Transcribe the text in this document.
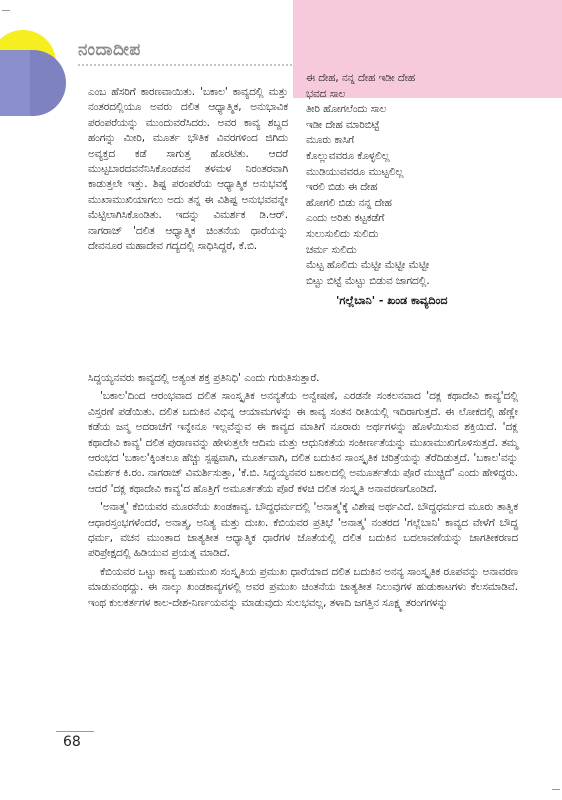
ನಂದಾದೀಪ
ಈ ದೇಹ, ನನ್ನ ದೇಹ ಇಡೀ ದೇಹ
ಭವದ ಸಾಲ
ತೀರಿ ಹೋಗಲೆಂದು ಸಾಲ
ಇಡೀ ದೇಹ ಮಾರಿಬಿಟ್ಟೆ
ಮೂರು ಕಾಸಿಗೆ
ಕೊಲ್ಲುವವರೂ ಕೊಳ್ಳಲಿಲ್ಲ
ಮುಡಿಯುವವರೂ ಮುಟ್ಟಲಿಲ್ಲ
ಇರಲಿ ಬಿಡು ಈ ದೇಹ
ಹೋಗಲಿ ಬಿಡು ನನ್ನ ದೇಹ
ಎಂದು ಅರಿತು ಕಟ್ಟಕಡೆಗೆ
ಸುಲುಸುಲಿದು ಸುಲಿದು
ಚರ್ಮ ಸುಲಿದು
ಮೆಟ್ಟ ಹೊಲಿದು ಮೆಟ್ಟೀ ಮೆಟ್ಟೀ ಮೆಟ್ಟೀ
ಬಿಟ್ಟು ಬಿಟ್ಟೆ ಮೆಟ್ಟು ಬಿಡುವ ಜಾಗದಲ್ಲಿ.
'ಗಲ್ಲೆಬಾನಿ' - ಖಂಡ ಕಾವ್ಯದಿಂದ

ಎಂಬ ಹೆಸರಿಗೆ ಕಾರಣವಾಯಿತು. 'ಬಕಾಲ' ಕಾವ್ಯದಲ್ಲಿ ಮತ್ತು ನಂತರದಲ್ಲಿಯೂ ಅವರು ದಲಿತ ಆಧ್ಯಾತ್ಮಿಕ, ಅನುಭಾವಿಕ ಪರಂಪರೆಯನ್ನು ಮುಂದುವರೆಸಿದರು. ಅವರ ಕಾವ್ಯ ಶಬ್ದದ ಹಂಗನ್ನು ಮೀರಿ, ಮೂರ್ತ ಭೌತಿಕ ವಿವರಗಳಿಂದ ಜಿಗಿದು ಅವ್ಯಕ್ತದ ಕಡೆ ಸಾಗುತ್ತ ಹೊರಟಿತು. ಆದರೆ ಮುಟ್ಟಬಾರದವನೆನಿಸಿಕೊಂಡವನ ತಳಮಳ ನಿರಂತರವಾಗಿ ಕಾಡುತ್ತಲೇ ಇತ್ತು. ಶಿಷ್ಟ ಪರಂಪರೆಯ ಆಧ್ಯಾತ್ಮಿಕ ಅನುಭವಕ್ಕೆ ಮುಖಾಮುಖಿಯಾಗಲು ಅದು ತನ್ನ ಈ ವಿಶಿಷ್ಟ ಅನುಭವವನ್ನೇ ಮೆಟ್ಟಿಲಾಗಿಸಿಕೊಂಡಿತು. ಇದನ್ನು ವಿಮರ್ಶಕ ಡಿ.ಆರ್. ನಾಗರಾಜ್ 'ದಲಿತ ಆಧ್ಯಾತ್ಮಿಕ ಚಿಂತನೆಯ ಧಾರೆಯನ್ನು ದೇವನೂರ ಮಹಾದೇವ ಗದ್ಯದಲ್ಲಿ ಸಾಧಿಸಿದ್ದರೆ, ಕೆ.ಬಿ.

ಸಿದ್ದಯ್ಯನವರು ಕಾವ್ಯದಲ್ಲಿ ಅತ್ಯಂತ ಶಕ್ತ ಪ್ರತಿನಿಧಿ' ಎಂದು ಗುರುತಿಸುತ್ತಾರೆ.

'ಬಕಾಲ'ದಿಂದ ಆರಂಭವಾದ ದಲಿತ ಸಾಂಸ್ಕೃತಿಕ ಅನನ್ಯತೆಯ ಅನ್ವೇಷಣೆ, ಎರಡನೇ ಸಂಕಲನವಾದ 'ದಕ್ಲ ಕಥಾದೇವಿ ಕಾವ್ಯ'ದಲ್ಲಿ ವಿಸ್ತರಣೆ ಪಡೆಯಿತು. ದಲಿತ ಬದುಕಿನ ವಿಭಿನ್ನ ಆಯಾಮಗಳನ್ನು ಈ ಕಾವ್ಯ ಸಂತನ ರೀತಿಯಲ್ಲಿ ಇದಿರಾಗುತ್ತದೆ. ಈ ಲೋಕದಲ್ಲಿ ಹೆಣ್ಣೇ ಕಡೆಯ ಜನ್ಮ ಅದರಾಚೆಗೆ ಇನ್ನೇನೂ ಇಲ್ಲವೆನ್ನುವ ಈ ಕಾವ್ಯದ ಮಾತಿಗೆ ನೂರಾರು ಅರ್ಥಗಳನ್ನು ಹೊಳೆಯಿಸುವ ಶಕ್ತಿಯಿದೆ. 'ದಕ್ಲ ಕಥಾದೇವಿ ಕಾವ್ಯ' ದಲಿತ ಪುರಾಣವನ್ನು ಹೇಳುತ್ತಲೇ ಆದಿಮ ಮತ್ತು ಆಧುನಿಕತೆಯ ಸಂಕೀರ್ಣತೆಯನ್ನು ಮುಖಾಮುಖಿಗೊಳಿಸುತ್ತದೆ. ತಮ್ಮ ಆರಂಭದ 'ಬಕಾಲ'ಕ್ಕಿಂತಲೂ ಹೆಚ್ಚು ಸ್ಪಷ್ಟವಾಗಿ, ಮೂರ್ತವಾಗಿ, ದಲಿತ ಬದುಕಿನ ಸಾಂಸ್ಕೃತಿಕ ಚರಿತ್ರೆಯನ್ನು ತೆರೆದಿಡುತ್ತದೆ. 'ಬಕಾಲ'ವನ್ನು ವಿಮರ್ಶಕ ಕಿ.ರಂ. ನಾಗರಾಜ್ ವಿಮರ್ಶಿಸುತ್ತಾ, 'ಕೆ.ಬಿ. ಸಿದ್ದಯ್ಯನವರ ಬಕಾಲದಲ್ಲಿ ಅಮೂರ್ತತೆಯ ಪೊರೆ ಮುಚ್ಚಿದೆ' ಎಂದು ಹೇಳಿದ್ದರು. ಆದರೆ 'ದಕ್ಲ ಕಥಾದೇವಿ ಕಾವ್ಯ'ದ ಹೊತ್ತಿಗೆ ಅಮೂರ್ತತೆಯ ಪೊರೆ ಕಳಚಿ ದಲಿತ ಸಂಸ್ಕೃತಿ ಅನಾವರಣಗೊಂಡಿದೆ.

'ಅನಾತ್ಮ' ಕೆಬಿಯವರ ಮೂರನೆಯ ಖಂಡಕಾವ್ಯ. ಬೌದ್ಧಧರ್ಮದಲ್ಲಿ 'ಅನಾತ್ಮ'ಕ್ಕೆ ವಿಶೇಷ ಅರ್ಥವಿದೆ. ಬೌದ್ಧಧರ್ಮದ ಮೂರು ತಾತ್ವಿಕ ಆಧಾರಸ್ತಂಭಗಳೆಂದರೆ, ಅನಾತ್ಮ, ಅನಿತ್ಯ ಮತ್ತು ದುಃಖ. ಕೆಬಿಯವರ ಪ್ರತಿಭೆ 'ಅನಾತ್ಮ' ನಂತರದ 'ಗಲ್ಲೆಬಾನಿ' ಕಾವ್ಯದ ವೇಳೆಗೆ ಬೌದ್ಧ ಧರ್ಮ, ವಚನ ಮುಂತಾದ ಜಾತ್ಯತೀತ ಆಧ್ಯಾತ್ಮಿಕ ಧಾರೆಗಳ ಜೊತೆಯಲ್ಲಿ ದಲಿತ ಬದುಕಿನ ಬದಲಾವಣೆಯನ್ನು ಜಾಗತೀಕರಣದ ಪರಿಪ್ರೇಕ್ಷದಲ್ಲಿ ಹಿಡಿಯುವ ಪ್ರಯತ್ನ ಮಾಡಿದೆ.

ಕೆಬಿಯವರ ಒಟ್ಟು ಕಾವ್ಯ ಬಹುಮುಖಿ ಸಂಸ್ಕೃತಿಯ ಪ್ರಮುಖ ಧಾರೆಯಾದ ದಲಿತ ಬದುಕಿನ ಅನನ್ಯ ಸಾಂಸ್ಕೃತಿಕ ರೂಪವನ್ನು ಅನಾವರಣ ಮಾಡುವಂಥದ್ದು. ಈ ನಾಲ್ಕು ಖಂಡಕಾವ್ಯಗಳಲ್ಲಿ ಅವರ ಪ್ರಮುಖ ಚಿಂತನೆಯ ಜಾತ್ಯತೀತ ನಿಲುವುಗಳ ಹುಡುಕಾಟಗಳು ಕೆಲಸಮಾಡಿವೆ. ಇಂಥ ಕುಲಕರ್ತಗಳ ಕಾಲ-ದೇಶ-ನಿರ್ಣಯವನ್ನು ಮಾಡುವುದು ಸುಲಭವಲ್ಲ, ತಳಾದಿ ಜಗತ್ತಿನ ಸೂಕ್ಷ್ಮ ತರಂಗಗಳನ್ನು

68
